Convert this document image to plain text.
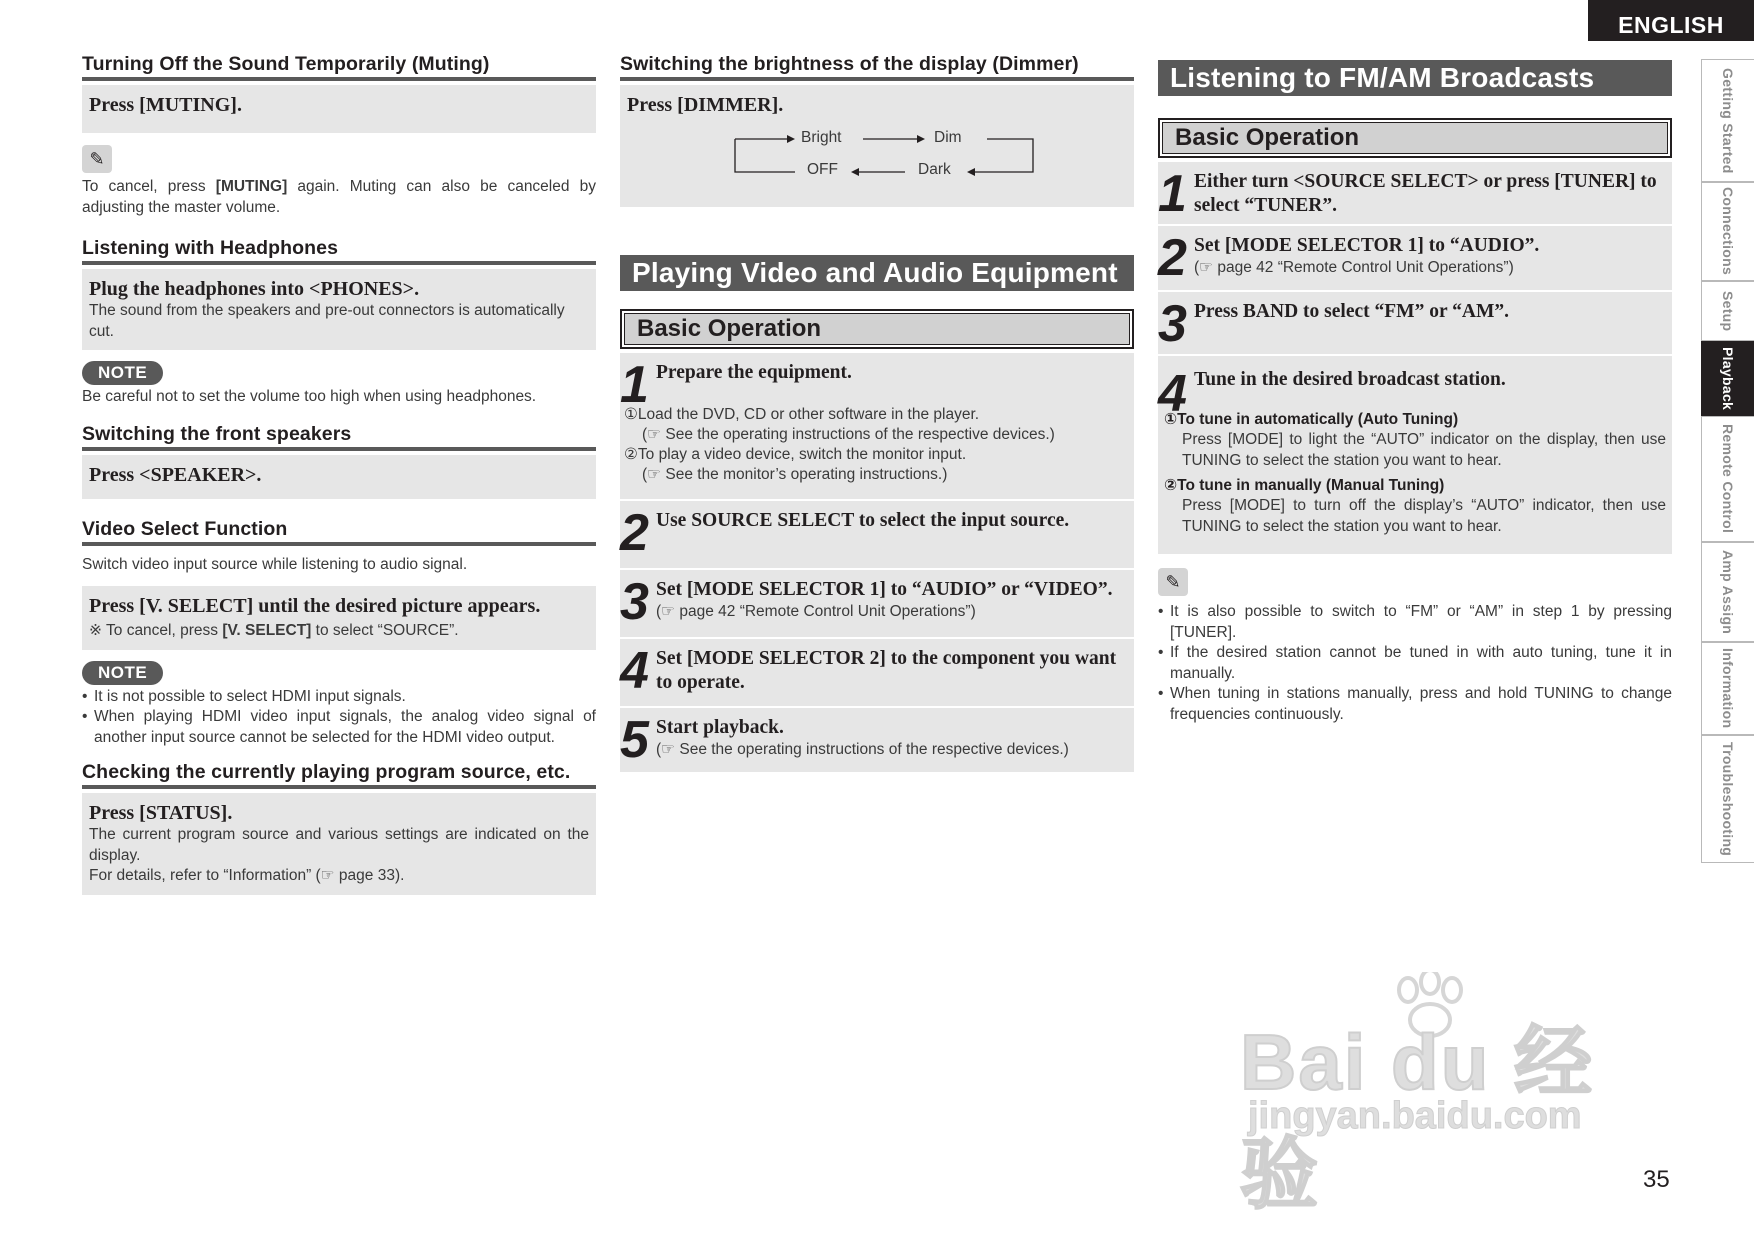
ENGLISH
Getting Started
Connections
Setup
Playback
Remote Control
Amp Assign
Information
Troubleshooting
Turning Off the Sound Temporarily (Muting)
Press [MUTING].
✎
To cancel, press [MUTING] again. Muting can also be canceled by adjusting the master volume.
Listening with Headphones
Plug the headphones into <PHONES>.
The sound from the speakers and pre-out connectors is automatically cut.
NOTE
Be careful not to set the volume too high when using headphones.
Switching the front speakers
Press <SPEAKER>.
Video Select Function
Switch video input source while listening to audio signal.
Press [V. SELECT] until the desired picture appears.
※ To cancel, press [V. SELECT] to select “SOURCE”.
NOTE
• It is not possible to select HDMI input signals.
• When playing HDMI video input signals, the analog video signal of another input source cannot be selected for the HDMI video output.
Checking the currently playing program source, etc.
Press [STATUS].
The current program source and various settings are indicated on the display.
For details, refer to “Information” (☞ page 33).
Switching the brightness of the display (Dimmer)
Press [DIMMER].
Bright	Dim
OFF	Dark
Playing Video and Audio Equipment
Basic Operation
1 Prepare the equipment.
①Load the DVD, CD or other software in the player.
(☞ See the operating instructions of the respective devices.)
②To play a video device, switch the monitor input.
(☞ See the monitor’s operating instructions.)
2 Use SOURCE SELECT to select the input source.
3 Set [MODE SELECTOR 1] to “AUDIO” or “VIDEO”.
(☞ page 42 “Remote Control Unit Operations”)
4 Set [MODE SELECTOR 2] to the component you want to operate.
5 Start playback.
(☞ See the operating instructions of the respective devices.)
Listening to FM/AM Broadcasts
Basic Operation
1 Either turn <SOURCE SELECT> or press [TUNER] to select “TUNER”.
2 Set [MODE SELECTOR 1] to “AUDIO”.
(☞ page 42 “Remote Control Unit Operations”)
3 Press BAND to select “FM” or “AM”.
4 Tune in the desired broadcast station.
①To tune in automatically (Auto Tuning)
Press [MODE] to light the “AUTO” indicator on the display, then use TUNING to select the station you want to hear.
②To tune in manually (Manual Tuning)
Press [MODE] to turn off the display’s “AUTO” indicator, then use TUNING to select the station you want to hear.
✎
• It is also possible to switch to “FM” or “AM” in step 1 by pressing [TUNER].
• If the desired station cannot be tuned in with auto tuning, tune it in manually.
• When tuning in stations manually, press and hold TUNING to change frequencies continuously.
Bai du 经验
jingyan.baidu.com
35
